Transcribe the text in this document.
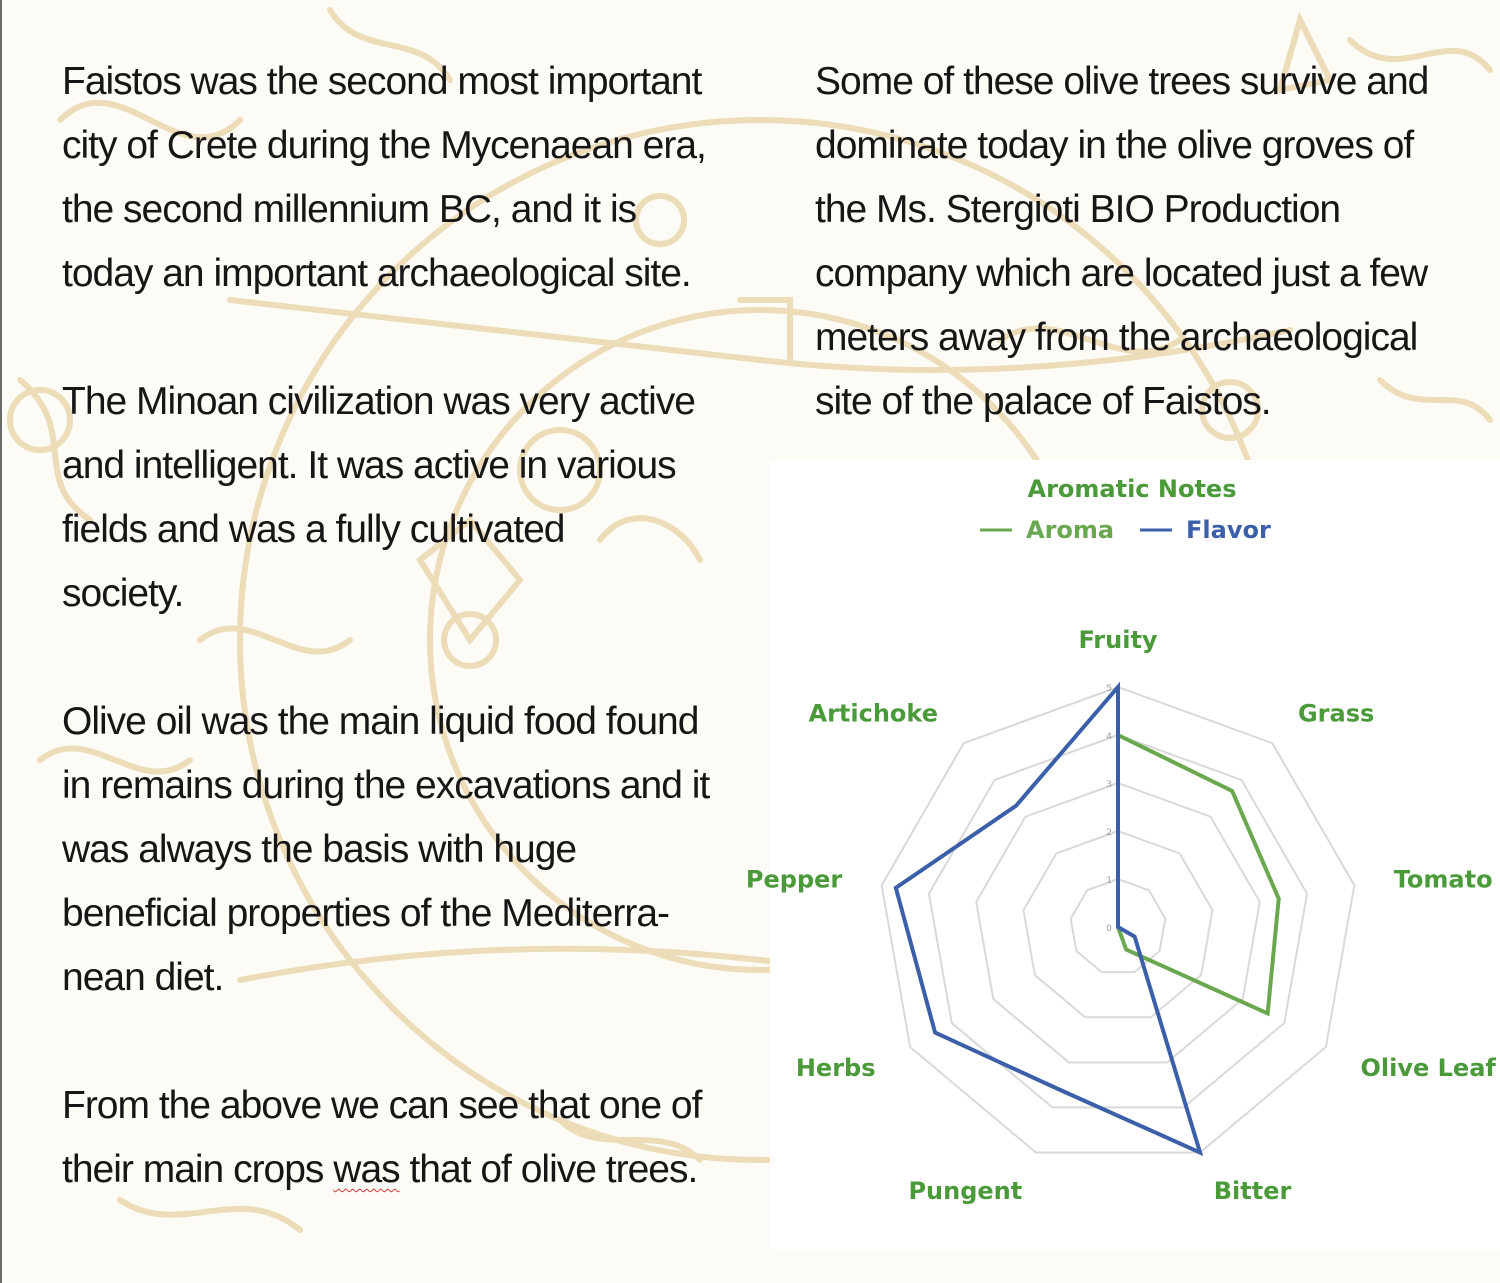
Faistos was the second most important
city of Crete during the Mycenaean era,
the second millennium BC, and it is
today an important archaeological site.

The Minoan civilization was very active
and intelligent. It was active in various
fields and was a fully cultivated
society.

Olive oil was the main liquid food found
in remains during the excavations and it
was always the basis with huge
beneficial properties of the Mediterra-
nean diet.

From the above we can see that one of
their main crops was that of olive trees.

Some of these olive trees survive and
dominate today in the olive groves of
the Ms. Stergioti BIO Production
company which are located just a few
meters away from the archaeological
site of the palace of Faistos.

0
1
2
3
4
5
Fruity
Grass
Tomato
Olive Leaf
Bitter
Pungent
Herbs
Pepper
Artichoke
Aromatic Notes
Aroma	Flavor
